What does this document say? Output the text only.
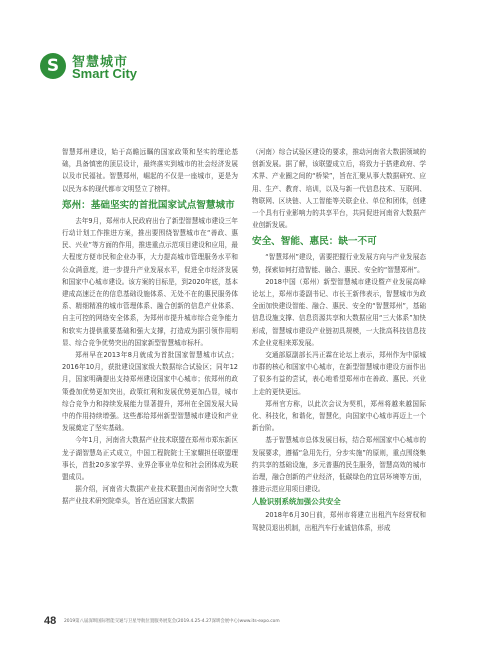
S 智慧城市
Smart City

智慧郑州建设，始于高瞻远瞩的国家政策和坚实的理论基础，具备慎密的顶层设计，最终落实到城市的社会经济发展以及市民福祉。智慧郑州，崛起的不仅是一座城市，更是为以民为本的现代都市文明竖立了榜样。

郑州：基础坚实的首批国家试点智慧城市

去年9月，郑州市人民政府出台了新型智慧城市建设三年行动计划工作推进方案，推出要围绕智慧城市在“善政、惠民、兴业”等方面的作用，推进重点示范项目建设和应用，最大程度方便市民和企业办事，大力提高城市管理服务水平和公众满意度，进一步提升产业发展水平，促进全市经济发展和国家中心城市建设。该方案的目标是，到2020年底，基本建成高速泛在的信息基础设施体系、无处不在的惠民服务体系、精细精准的城市管理体系、融合创新的信息产业体系、自主可控的网络安全体系，为郑州市提升城市综合竞争能力和软实力提供重要基础和强大支撑，打造成为据引领作用明显、综合竞争优势突出的国家新型智慧城市标杆。

郑州早在2013年8月就成为首批国家智慧城市试点；2016年10月，获批建设国家级大数据综合试验区；同年12月，国家明确提出支持郑州建设国家中心城市；依郑州的政策叠加优势更加突出，政策红利和发展优势更加凸显，城市综合竞争力和持续发展能力显著提升，郑州在全国发展大局中的作用持续增强。这些都给郑州新型智慧城市建设和产业发展奠定了坚实基础。

今年1月，河南省大数据产业技术联盟在郑州市郑东新区龙子湖智慧岛正式成立，中国工程院院士王家耀担任联盟理事长，首批20多家学界、业界企事业单位和社会团体成为联盟成员。

据介绍，河南省大数据产业技术联盟由河南省时空大数据产业技术研究院牵头，旨在适应国家大数据

（河南）综合试验区建设的要求，推动河南省大数据领域的创新发展。据了解，该联盟成立后，将致力于搭建政府、学术界、产业圈之间的“桥梁”，旨在汇聚从事大数据研究、应用、生产、教育、培训，以及与新一代信息技术、互联网、物联网、区块链、人工智能等关联企业、单位和团体，创建一个具有行业影响力的共享平台，共同促进河南省大数据产业创新发展。

安全、智能、惠民：缺一不可

“智慧郑州”建设，需要把握行业发展方向与产业发展态势，探索如何打造智能、融合、惠民、安全的“智慧郑州”。

2018中国（郑州）新型智慧城市建设暨产业发展高峰论坛上，郑州市委副书记、市长王新伟表示，智慧城市为政全面加快建设智能、融合、惠民、安全的“智慧郑州”，基础信息设施支撑、信息资源共享和大数据应用“三大体系”加快形成，智慧城市建设产业链初具规模，一大批高科技信息技术企业竞相来郑发展。

交通部原副部长冯正霖在论坛上表示，郑州作为中原城市群的核心和国家中心城市，在新型智慧城市建设方面作出了很多有益的尝试，表心地希望郑州市在善政、惠民、兴业上走的更快更远。

郑州官方称，以此次会议为契机，郑州将越来越国际化、科技化，和谐化，智慧化，向国家中心城市再迈上一个新台阶。

基于智慧城市总体发展目标，结合郑州国家中心城市的发展要求，遵循“急用先行，分步实施”的原则，重点围绕集约共享的基础设施，多元普惠的民生服务，智慧高效的城市治理，融合创新的产业经济，低碳绿色的宜居环境等方面，推进示范应用项目建设。

人脸识别系统加强公共安全

2018年6月30日前，郑州市将建立出租汽车经营权和驾驶员退出机制，出租汽车行业诚信体系，形成

48 2019第八届深圳国际智能交通与卫星导航位置服务展览会(2019.4.25-4.27深圳会展中心)www.its-expo.com
